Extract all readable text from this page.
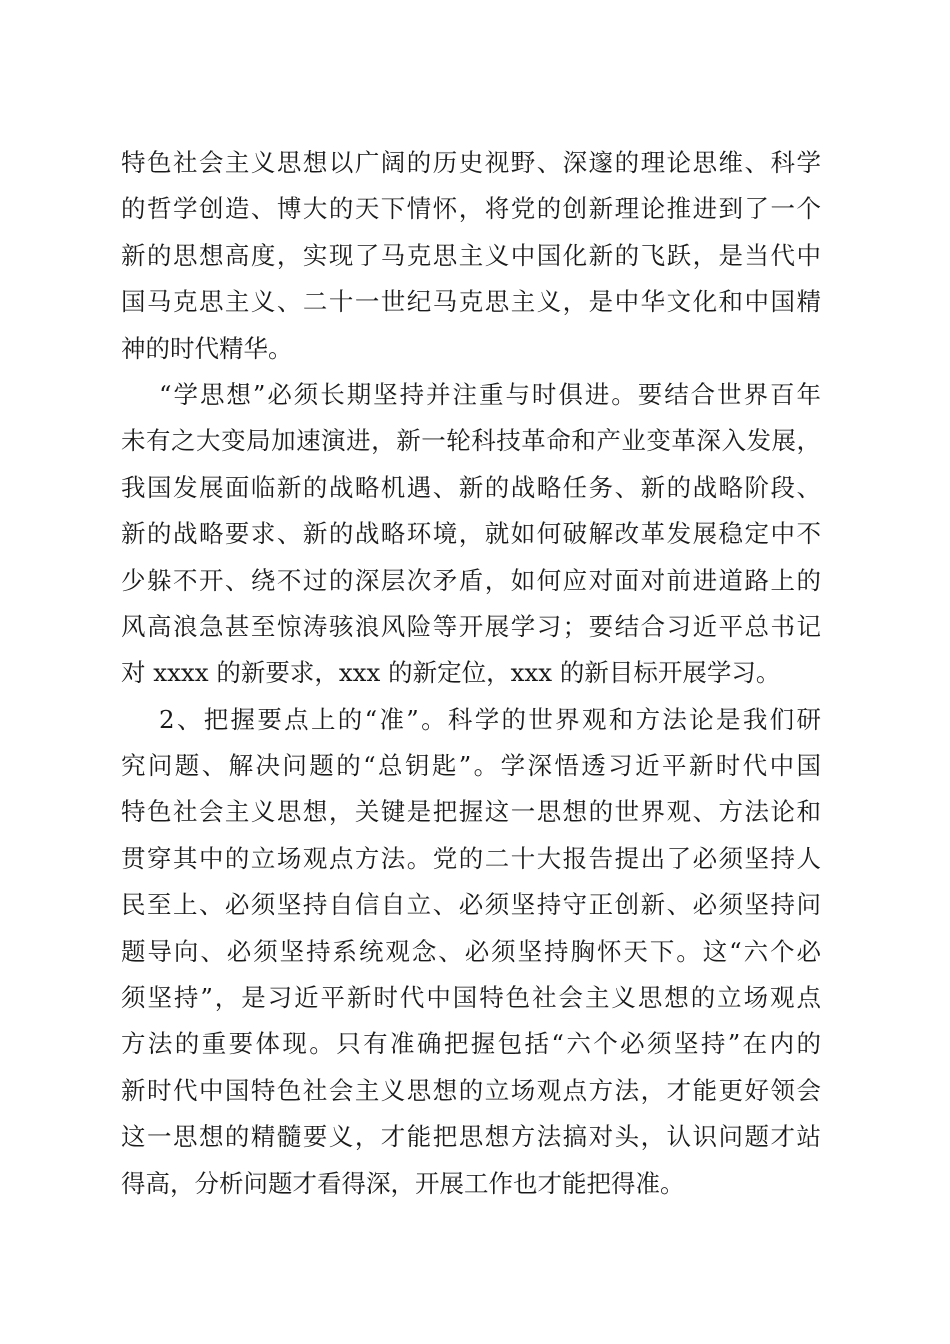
特色社会主义思想以广阔的历史视野、深邃的理论思维、科学
的哲学创造、博大的天下情怀，将党的创新理论推进到了一个
新的思想高度，实现了马克思主义中国化新的飞跃，是当代中
国马克思主义、二十一世纪马克思主义，是中华文化和中国精
神的时代精华。
“学思想”必须长期坚持并注重与时俱进。要结合世界百年
未有之大变局加速演进，新一轮科技革命和产业变革深入发展，
我国发展面临新的战略机遇、新的战略任务、新的战略阶段、
新的战略要求、新的战略环境，就如何破解改革发展稳定中不
少躲不开、绕不过的深层次矛盾，如何应对面对前进道路上的
风高浪急甚至惊涛骇浪风险等开展学习；要结合习近平总书记
对 xxxx 的新要求，xxx 的新定位，xxx 的新目标开展学习。
2、把握要点上的“准”。科学的世界观和方法论是我们研
究问题、解决问题的“总钥匙”。学深悟透习近平新时代中国
特色社会主义思想，关键是把握这一思想的世界观、方法论和
贯穿其中的立场观点方法。党的二十大报告提出了必须坚持人
民至上、必须坚持自信自立、必须坚持守正创新、必须坚持问
题导向、必须坚持系统观念、必须坚持胸怀天下。这“六个必
须坚持”，是习近平新时代中国特色社会主义思想的立场观点
方法的重要体现。只有准确把握包括“六个必须坚持”在内的
新时代中国特色社会主义思想的立场观点方法，才能更好领会
这一思想的精髓要义，才能把思想方法搞对头，认识问题才站
得高，分析问题才看得深，开展工作也才能把得准。
